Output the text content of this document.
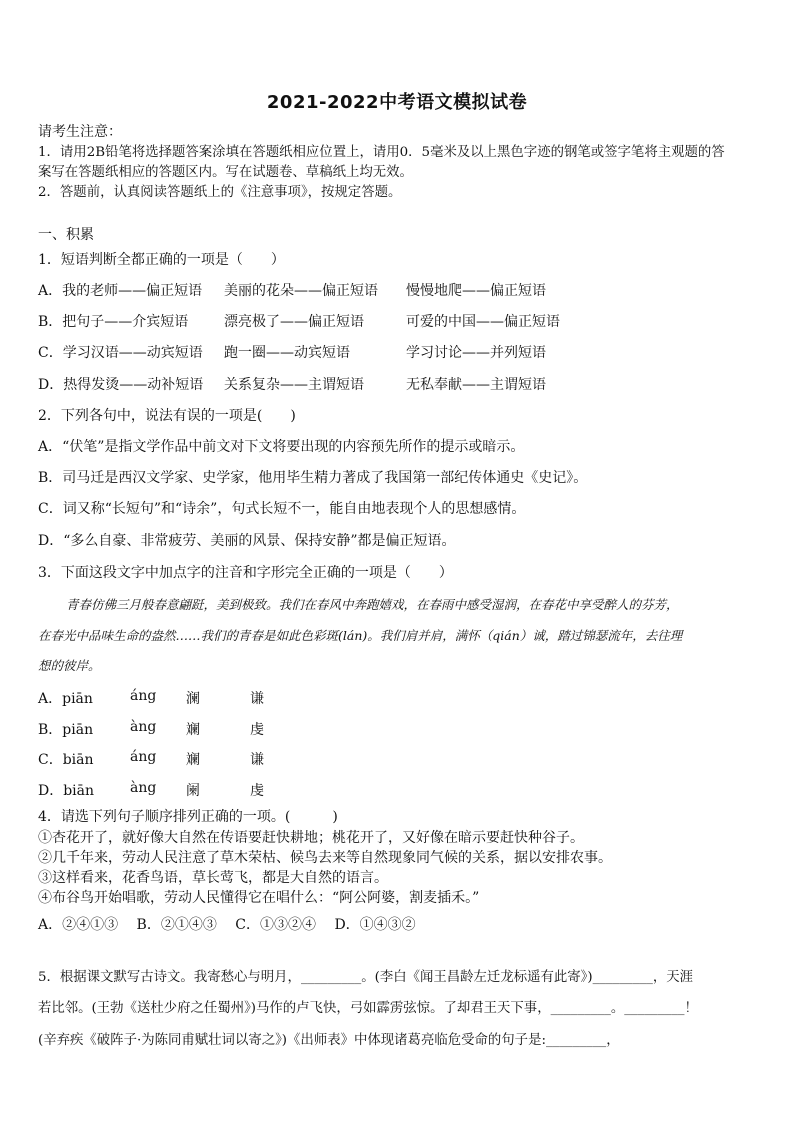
2021-2022中考语文模拟试卷
请考生注意：
1．请用2B铅笔将选择题答案涂填在答题纸相应位置上，请用0．5毫米及以上黑色字迹的钢笔或签字笔将主观题的答
案写在答题纸相应的答题区内。写在试题卷、草稿纸上均无效。
2．答题前，认真阅读答题纸上的《注意事项》，按规定答题。
一、积累
1．短语判断全都正确的一项是（　　）
A．我的老师——偏正短语 美丽的花朵——偏正短语 慢慢地爬——偏正短语
B．把句子——介宾短语	漂亮极了——偏正短语	可爱的中国——偏正短语
C．学习汉语——动宾短语 跑一圈——动宾短语	学习讨论——并列短语
D．热得发烫——动补短语 关系复杂——主谓短语	无私奉献——主谓短语
2．下列各句中，说法有误的一项是(　　)
A．“伏笔”是指文学作品中前文对下文将要出现的内容预先所作的提示或暗示。
B．司马迁是西汉文学家、史学家，他用毕生精力著成了我国第一部纪传体通史《史记》。
C．词又称“长短句”和“诗余”，句式长短不一，能自由地表现个人的思想感情。
D．“多么自豪、非常疲劳、美丽的风景、保持安静”都是偏正短语。
3．下面这段文字中加点字的注音和字形完全正确的一项是（　　）
青春仿佛三月般春意翩跹，美到极致。我们在春风中奔跑嬉戏，在春雨中感受湿润，在春花中享受醉人的芬芳，
在春光中品味生命的盎然……我们的青春是如此色彩斑(lán)。我们肩并肩，满怀（qián）诚，踏过锦瑟流年，去往理
想的彼岸。
A．piān	áng 澜	谦
B．piān	àng 斓	虔
C．biān	áng 斓	谦
D．biān	àng 阑	虔
4．请选下列句子顺序排列正确的一项。(　　　)
①杏花开了，就好像大自然在传语要赶快耕地；桃花开了，又好像在暗示要赶快种谷子。
②几千年来，劳动人民注意了草木荣枯、候鸟去来等自然现象同气候的关系，据以安排农事。
③这样看来，花香鸟语，草长莺飞，都是大自然的语言。
④布谷鸟开始唱歌，劳动人民懂得它在唱什么：“阿公阿婆，割麦插禾。”
A．②④①③　 B．②①④③　 C．①③②④　 D．①④③②
5．根据课文默写古诗文。我寄愁心与明月，_________。(李白《闻王昌龄左迁龙标遥有此寄》)_________，天涯
若比邻。(王勃《送杜少府之任蜀州》)马作的卢飞快，弓如霹雳弦惊。了却君王天下事，_________。_________！
(辛弃疾《破阵子·为陈同甫赋壮词以寄之》)《出师表》中体现诸葛亮临危受命的句子是:_________，
